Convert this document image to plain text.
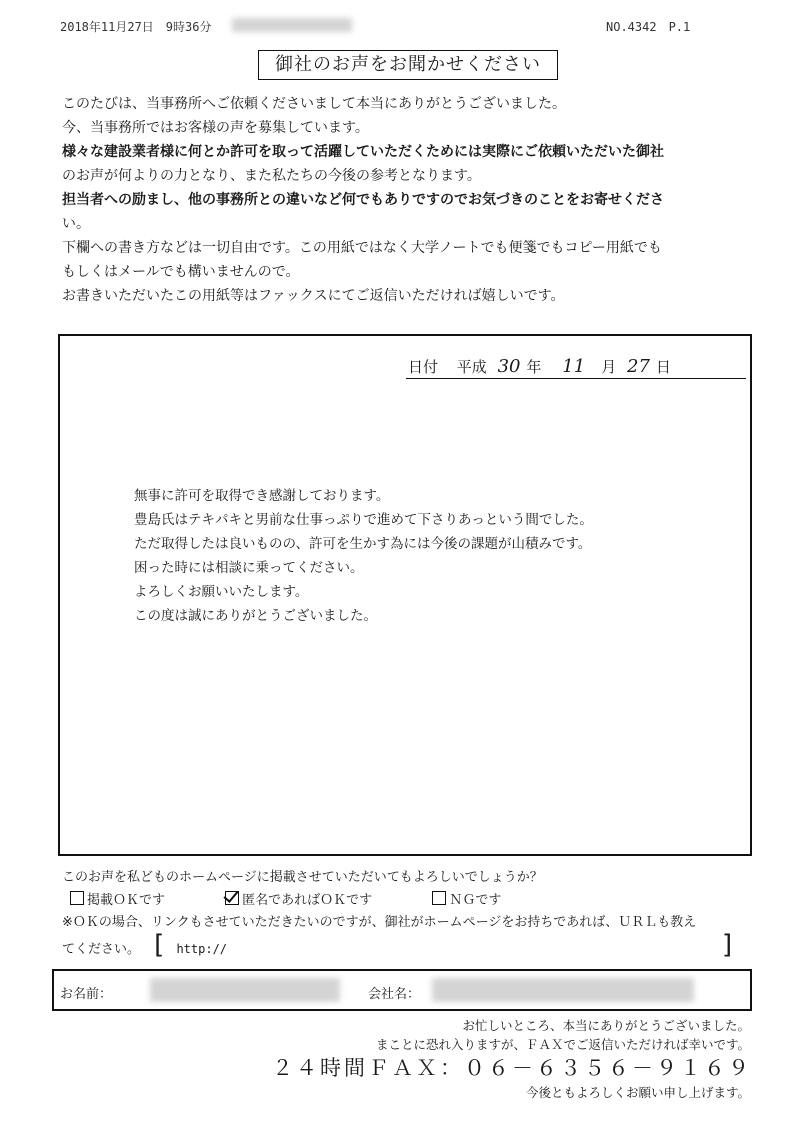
2018年11月27日　9時36分	NO.4342　P.1
御社のお声をお聞かせください

このたびは、当事務所へご依頼くださいまして本当にありがとうございました。

今、当事務所ではお客様の声を募集しています。

様々な建設業者様に何とか許可を取って活躍していただくためには実際にご依頼いただいた御社

のお声が何よりの力となり、また私たちの今後の参考となります。

担当者への励まし、他の事務所との違いなど何でもありですのでお気づきのことをお寄せくださ

い。

下欄への書き方などは一切自由です。この用紙ではなく大学ノートでも便箋でもコピー用紙でも

もしくはメールでも構いませんので。

お書きいただいたこの用紙等はファックスにてご返信いただければ嬉しいです。

日付 平成 30 年 11 月 27 日

無事に許可を取得でき感謝しております。

豊島氏はテキパキと男前な仕事っぷりで進めて下さりあっという間でした。

ただ取得したは良いものの、許可を生かす為には今後の課題が山積みです。

困った時には相談に乗ってください。

よろしくお願いいたします。

この度は誠にありがとうございました。

このお声を私どものホームページに掲載させていただいてもよろしいでしょうか？
掲載ＯＫです	匿名であればＯＫです	ＮＧです
※ＯＫの場合、リンクもさせていただきたいのですが、御社がホームページをお持ちであれば、ＵＲＬも教え
てください。 [ http://	]
お名前：	会社名：
お忙しいところ、本当にありがとうございました。
まことに恐れ入りますが、ＦＡＸでご返信いただければ幸いです。
２４時間ＦＡＸ：０６－６３５６－９１６９
今後ともよろしくお願い申し上げます。
